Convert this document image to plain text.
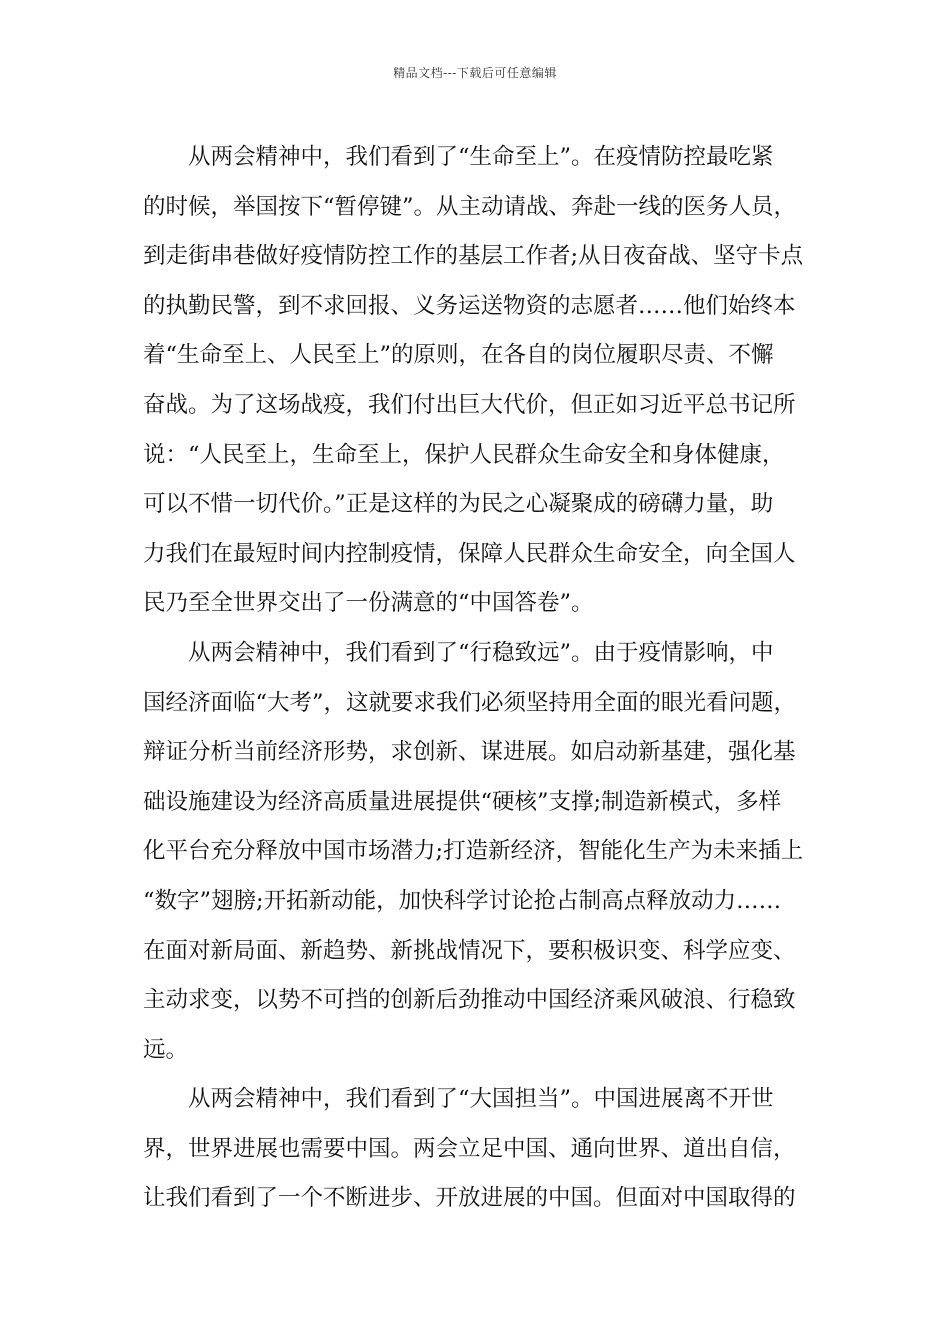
精品文档---下载后可任意编辑

从两会精神中，我们看到了“生命至上”。在疫情防控最吃紧
的时候，举国按下“暂停键”。从主动请战、奔赴一线的医务人员，
到走街串巷做好疫情防控工作的基层工作者;从日夜奋战、坚守卡点
的执勤民警，到不求回报、义务运送物资的志愿者……他们始终本
着“生命至上、人民至上”的原则，在各自的岗位履职尽责、不懈
奋战。为了这场战疫，我们付出巨大代价，但正如习近平总书记所
说：“人民至上，生命至上，保护人民群众生命安全和身体健康，
可以不惜一切代价。”正是这样的为民之心凝聚成的磅礴力量，助
力我们在最短时间内控制疫情，保障人民群众生命安全，向全国人
民乃至全世界交出了一份满意的“中国答卷”。

从两会精神中，我们看到了“行稳致远”。由于疫情影响，中
国经济面临“大考”，这就要求我们必须坚持用全面的眼光看问题，
辩证分析当前经济形势，求创新、谋进展。如启动新基建，强化基
础设施建设为经济高质量进展提供“硬核”支撑;制造新模式，多样
化平台充分释放中国市场潜力;打造新经济，智能化生产为未来插上
“数字”翅膀;开拓新动能，加快科学讨论抢占制高点释放动力……
在面对新局面、新趋势、新挑战情况下，要积极识变、科学应变、
主动求变，以势不可挡的创新后劲推动中国经济乘风破浪、行稳致
远。

从两会精神中，我们看到了“大国担当”。中国进展离不开世
界，世界进展也需要中国。两会立足中国、通向世界、道出自信，
让我们看到了一个不断进步、开放进展的中国。但面对中国取得的
